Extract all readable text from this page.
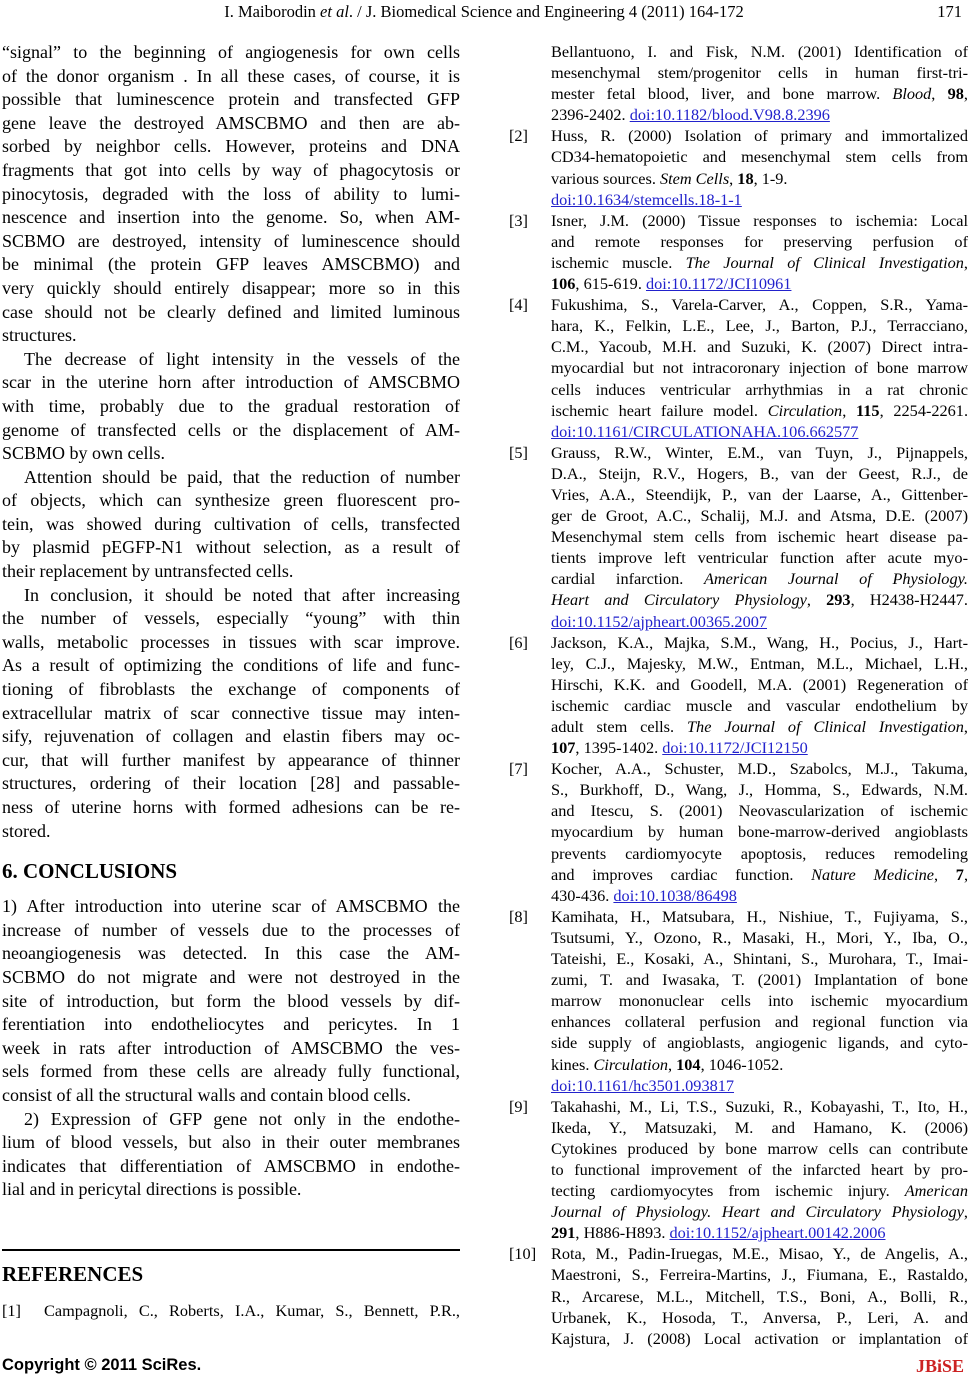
I. Maiborodin et al. / J. Biomedical Science and Engineering 4 (2011) 164-172	171
“signal” to the beginning of angiogenesis for own cells
of the donor organism . In all these cases, of course, it is
possible that luminescence protein and transfected GFP
gene leave the destroyed AMSCBMO and then are ab-
sorbed by neighbor cells. However, proteins and DNA
fragments that got into cells by way of phagocytosis or
pinocytosis, degraded with the loss of ability to lumi-
nescence and insertion into the genome. So, when AM-
SCBMO are destroyed, intensity of luminescence should
be minimal (the protein GFP leaves AMSCBMO) and
very quickly should entirely disappear; more so in this
case should not be clearly defined and limited luminous
structures.
The decrease of light intensity in the vessels of the
scar in the uterine horn after introduction of AMSCBMO
with time, probably due to the gradual restoration of
genome of transfected cells or the displacement of AM-
SCBMO by own cells.
Attention should be paid, that the reduction of number
of objects, which can synthesize green fluorescent pro-
tein, was showed during cultivation of cells, transfected
by plasmid pEGFP-N1 without selection, as a result of
their replacement by untransfected cells.
In conclusion, it should be noted that after increasing
the number of vessels, especially “young” with thin
walls, metabolic processes in tissues with scar improve.
As a result of optimizing the conditions of life and func-
tioning of fibroblasts the exchange of components of
extracellular matrix of scar connective tissue may inten-
sify, rejuvenation of collagen and elastin fibers may oc-
cur, that will further manifest by appearance of thinner
structures, ordering of their location [28] and passable-
ness of uterine horns with formed adhesions can be re-
stored.
6. CONCLUSIONS
1) After introduction into uterine scar of AMSCBMO the
increase of number of vessels due to the processes of
neoangiogenesis was detected. In this case the AM-
SCBMO do not migrate and were not destroyed in the
site of introduction, but form the blood vessels by dif-
ferentiation into endotheliocytes and pericytes. In 1
week in rats after introduction of AMSCBMO the ves-
sels formed from these cells are already fully functional,
consist of all the structural walls and contain blood cells.
2) Expression of GFP gene not only in the endothe-
lium of blood vessels, but also in their outer membranes
indicates that differentiation of AMSCBMO in endothe-
lial and in pericytal directions is possible.
REFERENCES
[1] Campagnoli, C., Roberts, I.A., Kumar, S., Bennett, P.R.,
Bellantuono, I. and Fisk, N.M. (2001) Identification of
mesenchymal stem/progenitor cells in human first-tri-
mester fetal blood, liver, and bone marrow. Blood, 98,
2396-2402. doi:10.1182/blood.V98.8.2396
[2] Huss, R. (2000) Isolation of primary and immortalized
CD34-hematopoietic and mesenchymal stem cells from
various sources. Stem Cells, 18, 1-9.
doi:10.1634/stemcells.18-1-1
[3] Isner, J.M. (2000) Tissue responses to ischemia: Local
and remote responses for preserving perfusion of
ischemic muscle. The Journal of Clinical Investigation,
106, 615-619. doi:10.1172/JCI10961
[4] Fukushima, S., Varela-Carver, A., Coppen, S.R., Yama-
hara, K., Felkin, L.E., Lee, J., Barton, P.J., Terracciano,
C.M., Yacoub, M.H. and Suzuki, K. (2007) Direct intra-
myocardial but not intracoronary injection of bone marrow
cells induces ventricular arrhythmias in a rat chronic
ischemic heart failure model. Circulation, 115, 2254-2261.
doi:10.1161/CIRCULATIONAHA.106.662577
[5] Grauss, R.W., Winter, E.M., van Tuyn, J., Pijnappels,
D.A., Steijn, R.V., Hogers, B., van der Geest, R.J., de
Vries, A.A., Steendijk, P., van der Laarse, A., Gittenber-
ger de Groot, A.C., Schalij, M.J. and Atsma, D.E. (2007)
Mesenchymal stem cells from ischemic heart disease pa-
tients improve left ventricular function after acute myo-
cardial infarction. American Journal of Physiology.
Heart and Circulatory Physiology, 293, H2438-H2447.
doi:10.1152/ajpheart.00365.2007
[6] Jackson, K.A., Majka, S.M., Wang, H., Pocius, J., Hart-
ley, C.J., Majesky, M.W., Entman, M.L., Michael, L.H.,
Hirschi, K.K. and Goodell, M.A. (2001) Regeneration of
ischemic cardiac muscle and vascular endothelium by
adult stem cells. The Journal of Clinical Investigation,
107, 1395-1402. doi:10.1172/JCI12150
[7] Kocher, A.A., Schuster, M.D., Szabolcs, M.J., Takuma,
S., Burkhoff, D., Wang, J., Homma, S., Edwards, N.M.
and Itescu, S. (2001) Neovascularization of ischemic
myocardium by human bone-marrow-derived angioblasts
prevents cardiomyocyte apoptosis, reduces remodeling
and improves cardiac function. Nature Medicine, 7,
430-436. doi:10.1038/86498
[8] Kamihata, H., Matsubara, H., Nishiue, T., Fujiyama, S.,
Tsutsumi, Y., Ozono, R., Masaki, H., Mori, Y., Iba, O.,
Tateishi, E., Kosaki, A., Shintani, S., Murohara, T., Imai-
zumi, T. and Iwasaka, T. (2001) Implantation of bone
marrow mononuclear cells into ischemic myocardium
enhances collateral perfusion and regional function via
side supply of angioblasts, angiogenic ligands, and cyto-
kines. Circulation, 104, 1046-1052.
doi:10.1161/hc3501.093817
[9] Takahashi, M., Li, T.S., Suzuki, R., Kobayashi, T., Ito, H.,
Ikeda, Y., Matsuzaki, M. and Hamano, K. (2006)
Cytokines produced by bone marrow cells can contribute
to functional improvement of the infarcted heart by pro-
tecting cardiomyocytes from ischemic injury. American
Journal of Physiology. Heart and Circulatory Physiology,
291, H886-H893. doi:10.1152/ajpheart.00142.2006
[10] Rota, M., Padin-Iruegas, M.E., Misao, Y., de Angelis, A.,
Maestroni, S., Ferreira-Martins, J., Fiumana, E., Rastaldo,
R., Arcarese, M.L., Mitchell, T.S., Boni, A., Bolli, R.,
Urbanek, K., Hosoda, T., Anversa, P., Leri, A. and
Kajstura, J. (2008) Local activation or implantation of
Copyright © 2011 SciRes.	JBiSE
